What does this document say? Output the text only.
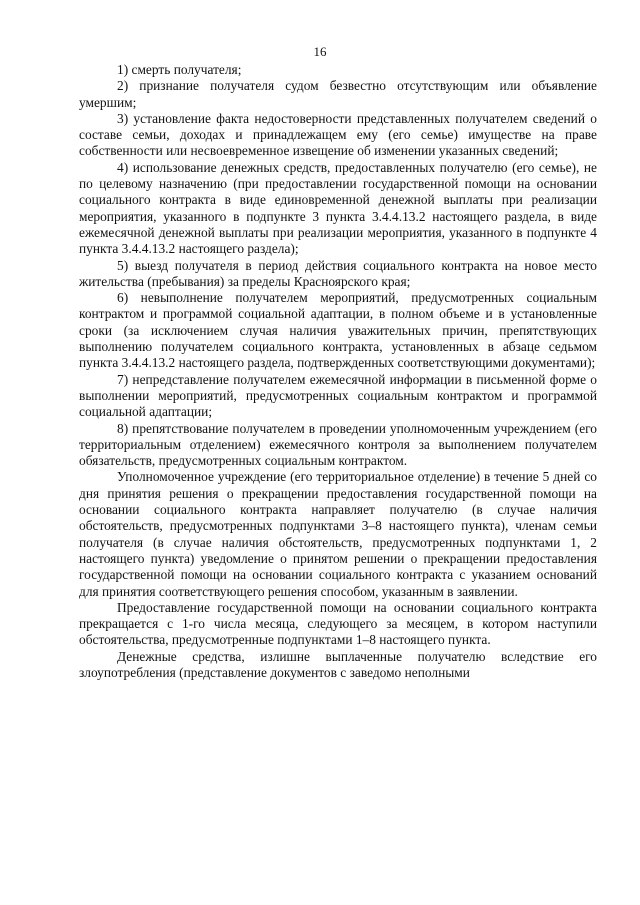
16

1) смерть получателя;

2) признание получателя судом безвестно отсутствующим или объявление умершим;

3) установление факта недостоверности представленных получателем сведений о составе семьи, доходах и принадлежащем ему (его семье) имуществе на праве собственности или несвоевременное извещение об изменении указанных сведений;

4) использование денежных средств, предоставленных получателю (его семье), не по целевому назначению (при предоставлении государственной помощи на основании социального контракта в виде единовременной денежной выплаты при реализации мероприятия, указанного в подпункте 3 пункта 3.4.4.13.2 настоящего раздела, в виде ежемесячной денежной выплаты при реализации мероприятия, указанного в подпункте 4 пункта 3.4.4.13.2 настоящего раздела);

5) выезд получателя в период действия социального контракта на новое место жительства (пребывания) за пределы Красноярского края;

6) невыполнение получателем мероприятий, предусмотренных социальным контрактом и программой социальной адаптации, в полном объеме и в установленные сроки (за исключением случая наличия уважительных причин, препятствующих выполнению получателем социального контракта, установленных в абзаце седьмом пункта 3.4.4.13.2 настоящего раздела, подтвержденных соответствующими документами);

7) непредставление получателем ежемесячной информации в письменной форме о выполнении мероприятий, предусмотренных социальным контрактом и программой социальной адаптации;

8) препятствование получателем в проведении уполномоченным учреждением (его территориальным отделением) ежемесячного контроля за выполнением получателем обязательств, предусмотренных социальным контрактом.

Уполномоченное учреждение (его территориальное отделение) в течение 5 дней со дня принятия решения о прекращении предоставления государственной помощи на основании социального контракта направляет получателю (в случае наличия обстоятельств, предусмотренных подпунктами 3–8 настоящего пункта), членам семьи получателя (в случае наличия обстоятельств, предусмотренных подпунктами 1, 2 настоящего пункта) уведомление о принятом решении о прекращении предоставления государственной помощи на основании социального контракта с указанием оснований для принятия соответствующего решения способом, указанным в заявлении.

Предоставление государственной помощи на основании социального контракта прекращается с 1-го числа месяца, следующего за месяцем, в котором наступили обстоятельства, предусмотренные подпунктами 1–8 настоящего пункта.

Денежные средства, излишне выплаченные получателю вследствие его злоупотребления (представление документов с заведомо неполными
